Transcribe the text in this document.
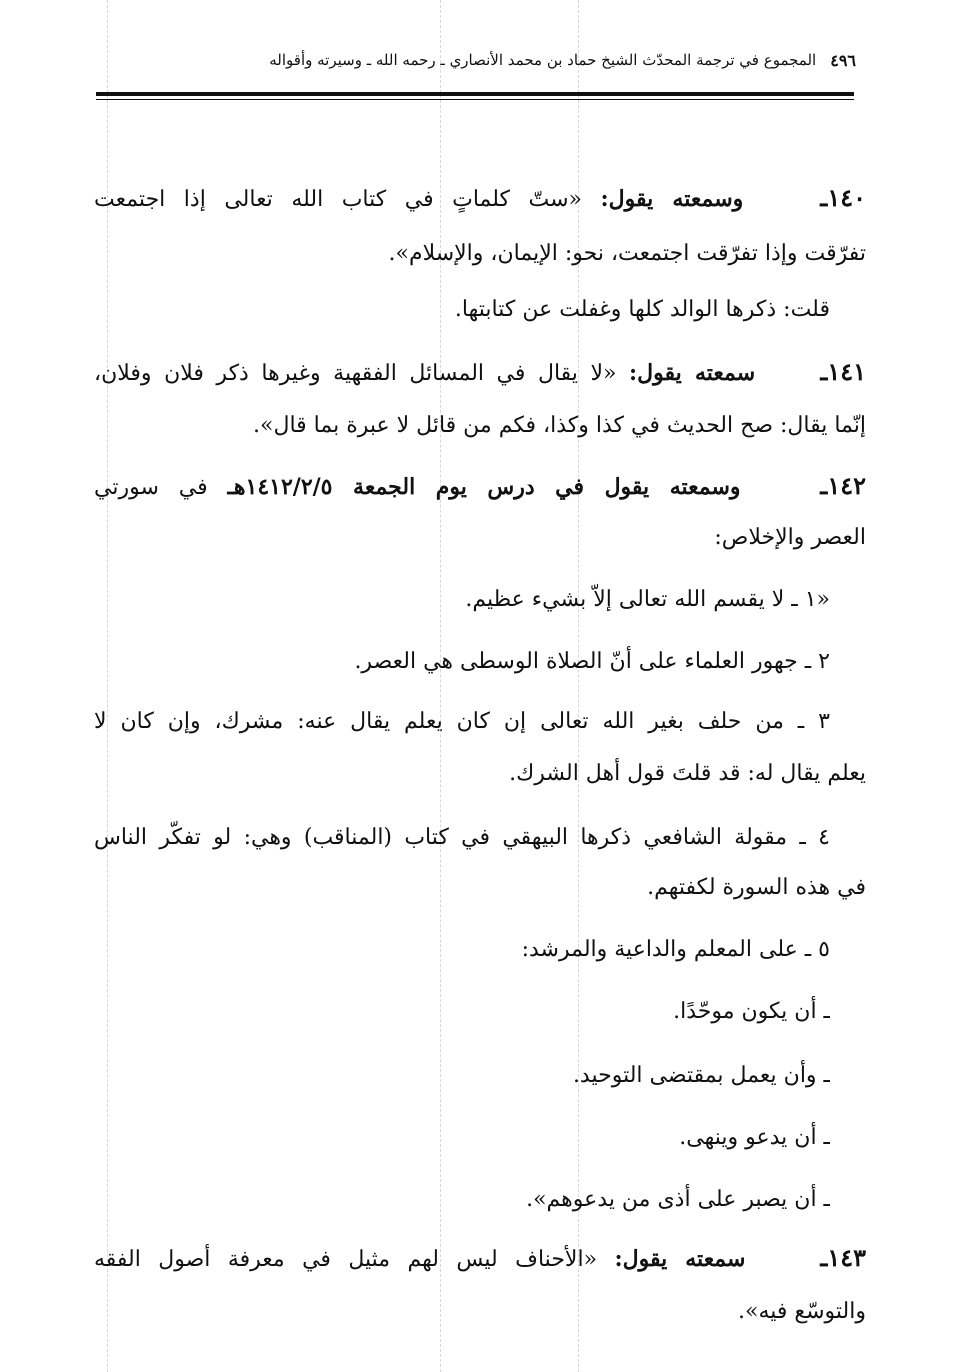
٤٩٦
المجموع في ترجمة المحدّث الشيخ حماد بن محمد الأنصاري ـ رحمه الله ـ وسيرته وأقواله
١٤٠ـ  وسمعته يقول: «ستّ كلماتٍ في كتاب الله تعالى إذا اجتمعت
تفرّقت وإذا تفرّقت اجتمعت، نحو: الإيمان، والإسلام».
قلت: ذكرها الوالد كلها وغفلت عن كتابتها.
١٤١ـ  سمعته يقول: «لا يقال في المسائل الفقهية وغيرها ذكر فلان وفلان،
إنّما يقال: صح الحديث في كذا وكذا، فكم من قائل لا عبرة بما قال».
١٤٢ـ  وسمعته يقول في درس يوم الجمعة ١٤١٢/٢/٥هـ في سورتي
العصر والإخلاص:
«١ ـ لا يقسم الله تعالى إلاّ بشيء عظيم.
٢ ـ جهور العلماء على أنّ الصلاة الوسطى هي العصر.
٣ ـ من حلف بغير الله تعالى إن كان يعلم يقال عنه: مشرك، وإن كان لا
يعلم يقال له: قد قلتَ قول أهل الشرك.
٤ ـ مقولة الشافعي ذكرها البيهقي في كتاب (المناقب) وهي: لو تفكّر الناس
في هذه السورة لكفتهم.
٥ ـ على المعلم والداعية والمرشد:
ـ أن يكون موحّدًا.
ـ وأن يعمل بمقتضى التوحيد.
ـ أن يدعو وينهى.
ـ أن يصبر على أذى من يدعوهم».
١٤٣ـ  سمعته يقول: «الأحناف ليس لهم مثيل في معرفة أصول الفقه
والتوسّع فيه».
